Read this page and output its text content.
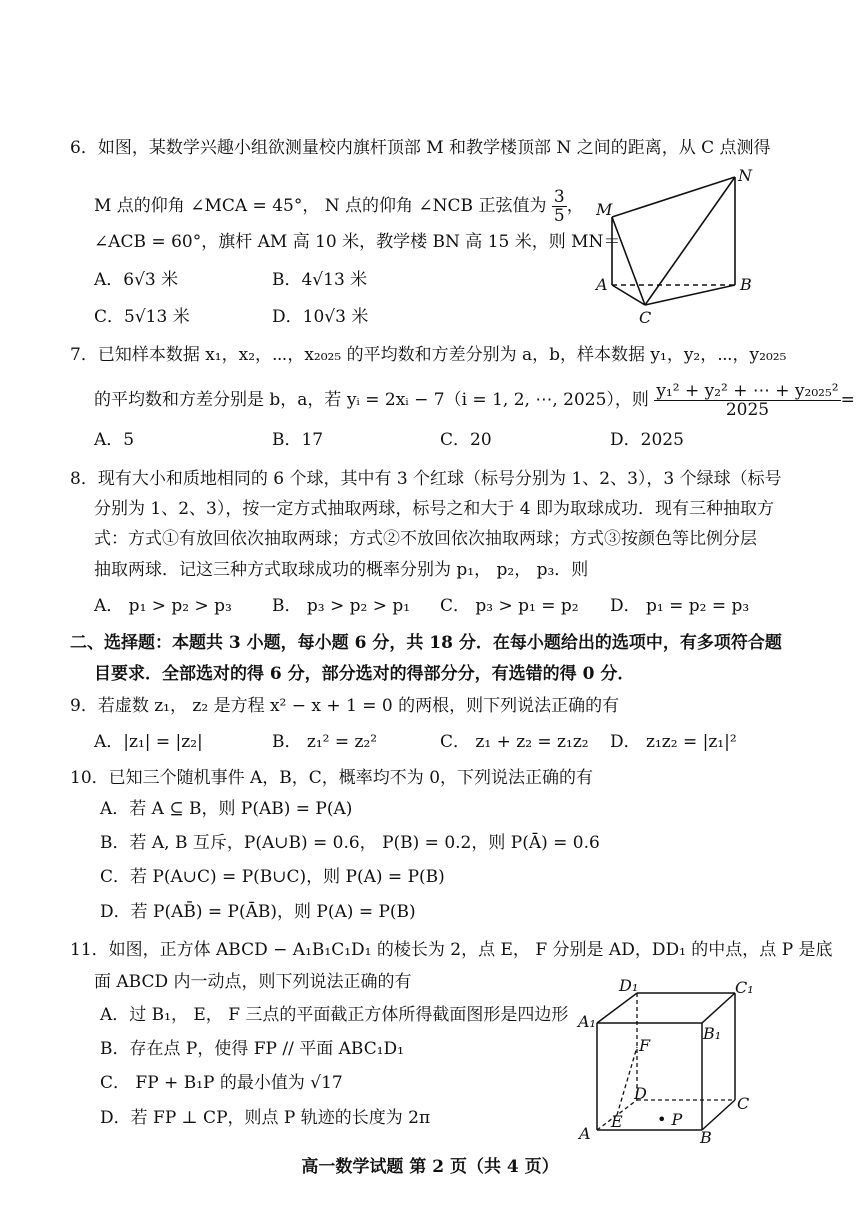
6．如图，某数学兴趣小组欲测量校内旗杆顶部 M 和教学楼顶部 N 之间的距离，从 C 点测得
M 点的仰角 ∠MCA = 45°， N 点的仰角 ∠NCB 正弦值为 $\frac{3}{5}$ ，
∠ACB = 60°，旗杆 AM 高 10 米，教学楼 BN 高 15 米，则 MN＝
A．6√3 米	B．4√13 米
C．5√13 米	D．10√3 米
M
N
A	B
C
7．已知样本数据 x₁，x₂，⋯，x₂₀₂₅ 的平均数和方差分别为 a，b，样本数据 y₁，y₂，⋯，y₂₀₂₅
的平均数和方差分别是 b，a，若 yᵢ = 2xᵢ − 7（i = 1, 2, ⋯, 2025），则 $\frac{\text{y₁² + y₂² + ⋯ + y₂₀₂₅²}}{2025}$ =
A．5	B．17	C．20	D．2025
8．现有大小和质地相同的 6 个球，其中有 3 个红球（标号分别为 1、2、3），3 个绿球（标号
分别为 1、2、3），按一定方式抽取两球，标号之和大于 4 即为取球成功．现有三种抽取方
式：方式①有放回依次抽取两球；方式②不放回依次抽取两球；方式③按颜色等比例分层
抽取两球．记这三种方式取球成功的概率分别为 p₁， p₂， p₃．则
A． p₁ > p₂ > p₃ B． p₃ > p₂ > p₁ C． p₃ > p₁ = p₂ D． p₁ = p₂ = p₃
二、选择题：本题共 3 小题，每小题 6 分，共 18 分．在每小题给出的选项中，有多项符合题
目要求．全部选对的得 6 分，部分选对的得部分分，有选错的得 0 分．
9．若虚数 z₁， z₂ 是方程 x² − x + 1 = 0 的两根，则下列说法正确的有
A．|z₁| = |z₂|	B． z₁² = z₂²	C． z₁ + z₂ = z₁z₂ D． z₁z₂ = |z₁|²
10．已知三个随机事件 A，B，C，概率均不为 0，下列说法正确的有
A．若 A ⊆ B，则 P(AB) = P(A)
B．若 A, B 互斥，P(A∪B) = 0.6， P(B) = 0.2，则 P(Ā) = 0.6
C．若 P(A∪C) = P(B∪C)，则 P(A) = P(B)
D．若 P(AB̄) = P(ĀB)，则 P(A) = P(B)
11．如图，正方体 ABCD − A₁B₁C₁D₁ 的棱长为 2，点 E， F 分别是 AD，DD₁ 的中点，点 P 是底
面 ABCD 内一动点，则下列说法正确的有
A．过 B₁， E， F 三点的平面截正方体所得截面图形是四边形
B．存在点 P，使得 FP // 平面 ABC₁D₁
C． FP + B₁P 的最小值为 √17
D．若 FP ⊥ CP，则点 P 轨迹的长度为 2π
D₁	C₁
A₁
B₁
F
D
C
A
E • P
B
高一数学试题 第 2 页（共 4 页）
